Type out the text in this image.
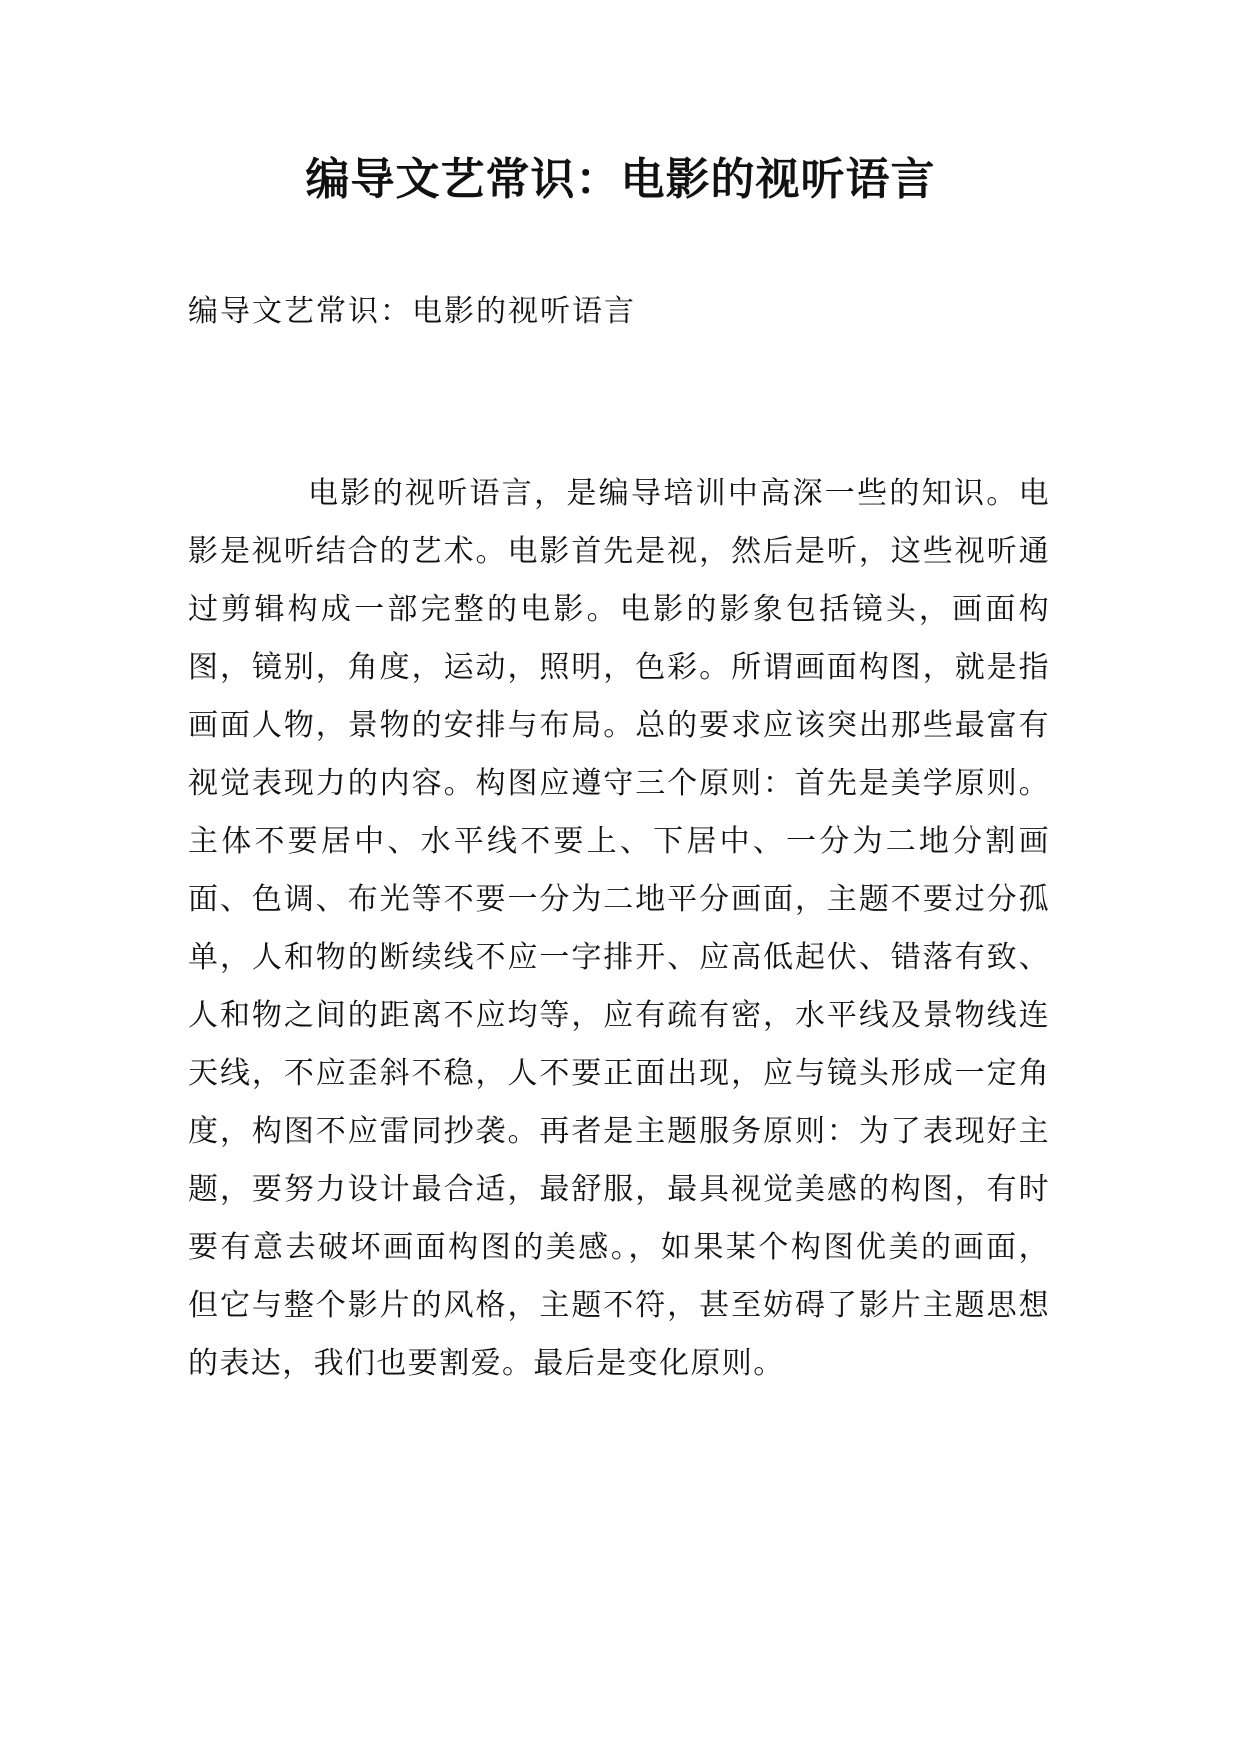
编导文艺常识：电影的视听语言

编导文艺常识：电影的视听语言

电影的视听语言，是编导培训中高深一些的知识。电影是视听结合的艺术。电影首先是视，然后是听，这些视听通过剪辑构成一部完整的电影。电影的影象包括镜头，画面构图，镜别，角度，运动，照明，色彩。所谓画面构图，就是指画面人物，景物的安排与布局。总的要求应该突出那些最富有视觉表现力的内容。构图应遵守三个原则：首先是美学原则。主体不要居中、水平线不要上、下居中、一分为二地分割画面、色调、布光等不要一分为二地平分画面，主题不要过分孤单，人和物的断续线不应一字排开、应高低起伏、错落有致、人和物之间的距离不应均等，应有疏有密，水平线及景物线连天线，不应歪斜不稳，人不要正面出现，应与镜头形成一定角度，构图不应雷同抄袭。再者是主题服务原则：为了表现好主题，要努力设计最合适，最舒服，最具视觉美感的构图，有时要有意去破坏画面构图的美感。，如果某个构图优美的画面，但它与整个影片的风格，主题不符，甚至妨碍了影片主题思想的表达，我们也要割爱。最后是变化原则。
